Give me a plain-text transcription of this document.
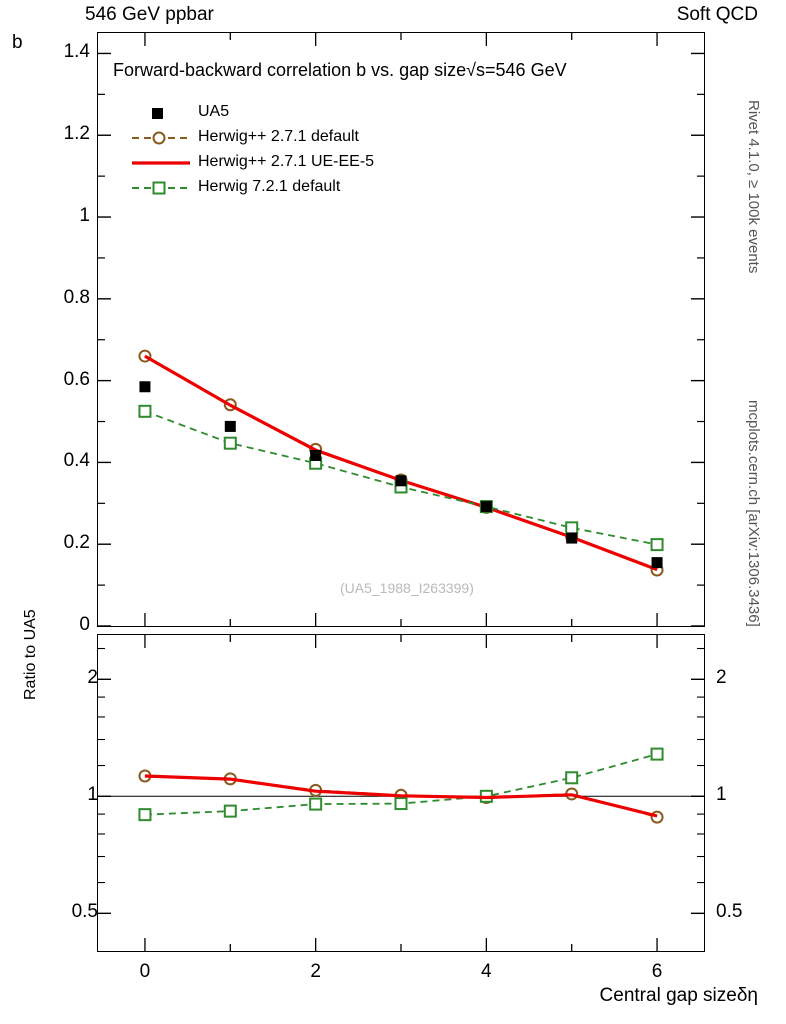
546 GeV ppbar	Soft QCD
b
Forward-backward correlation b vs. gap size√s=546 GeV
UA5
Herwig++ 2.7.1 default
Herwig++ 2.7.1 UE-EE-5
Herwig 7.2.1 default
(UA5_1988_I263399)
Rivet 4.1.0, ≥ 100k events
mcplots.cern.ch [arXiv:1306.3436]
Ratio to UA5
Central gap sizeδη
1.4
1.2
1
0.8
0.6
0.4
0.2
0
0.5	0.5
1	1
2	2
0	2	4	6
